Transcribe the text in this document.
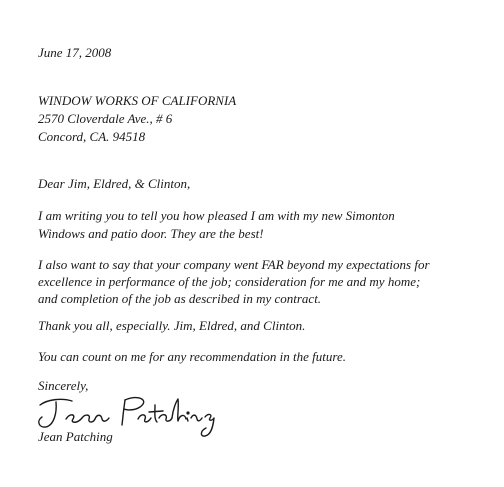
June 17, 2008
WINDOW WORKS OF CALIFORNIA
2570 Cloverdale Ave., # 6
Concord, CA. 94518
Dear Jim, Eldred, & Clinton,
I am writing you to tell you how pleased I am with my new Simonton
Windows and patio door. They are the best!
I also want to say that your company went FAR beyond my expectations for
excellence in performance of the job; consideration for me and my home;
and completion of the job as described in my contract.
Thank you all, especially. Jim, Eldred, and Clinton.
You can count on me for any recommendation in the future.
Sincerely,
Jean Patching
